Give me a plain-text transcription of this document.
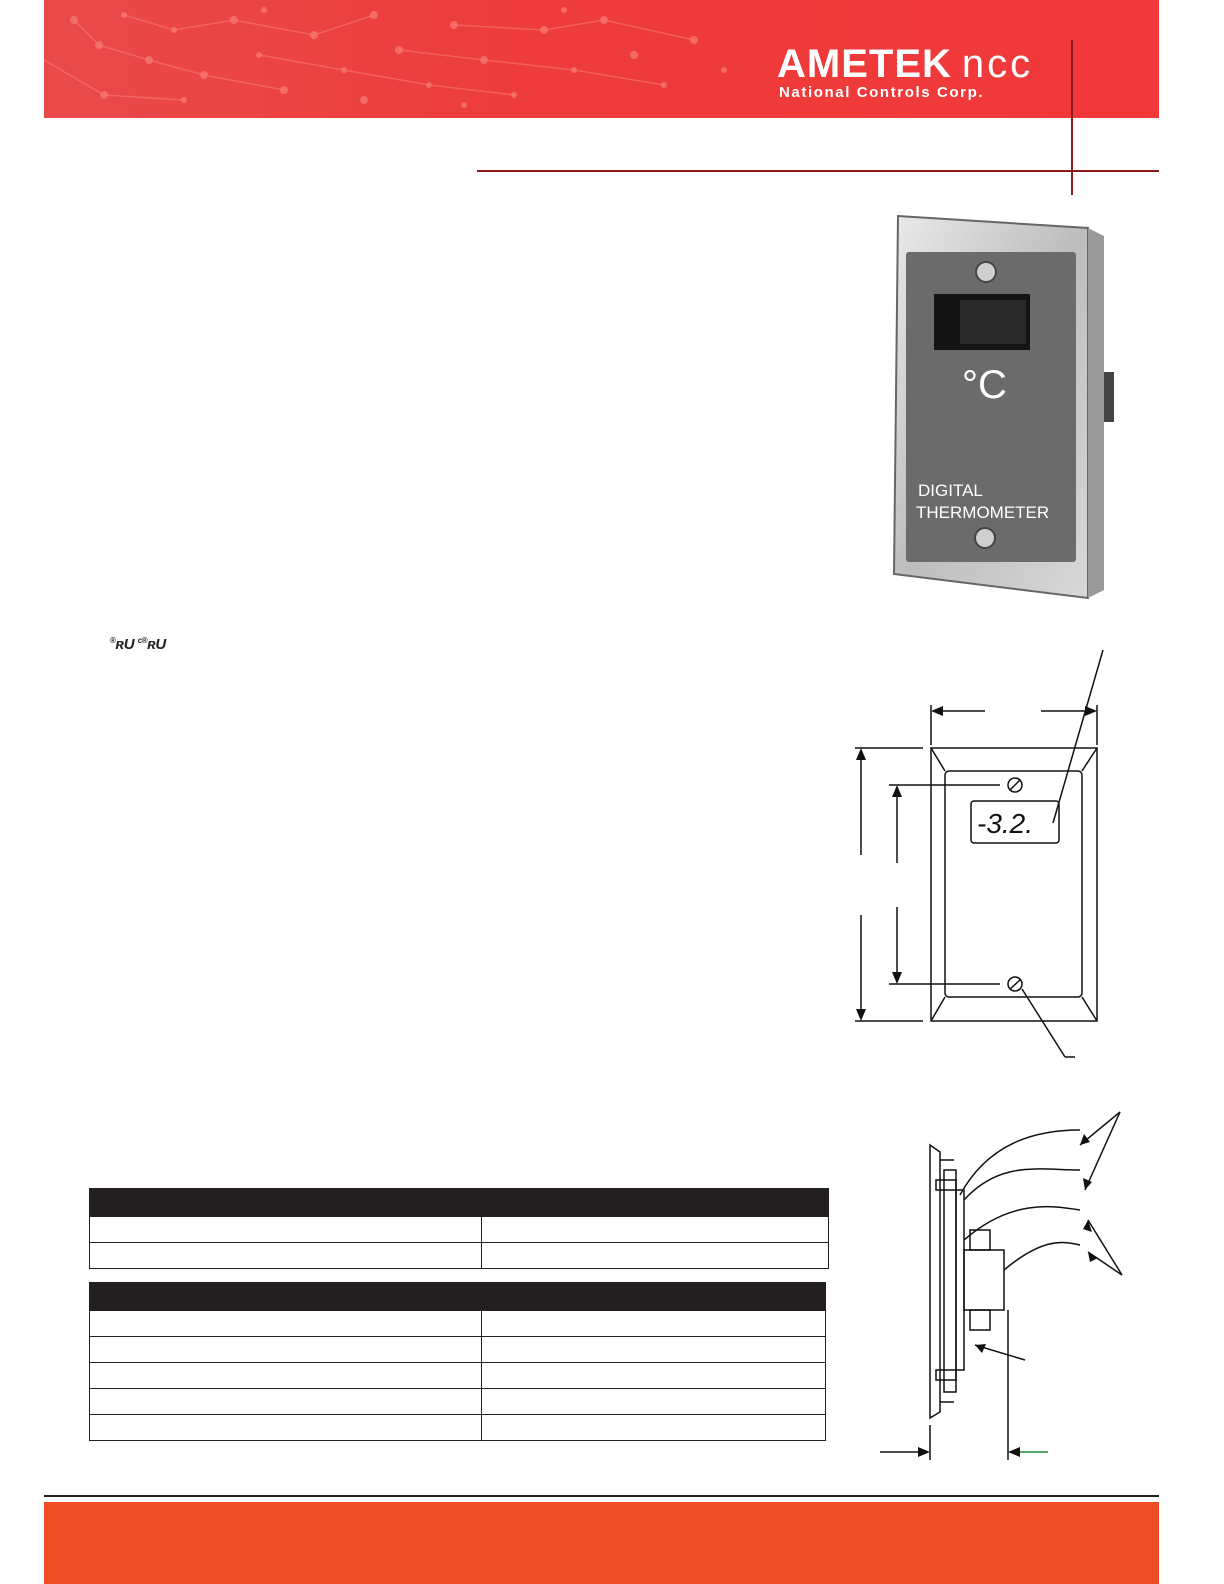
AMETEK ncc
National Controls Corp.
°C
DIGITAL
THERMOMETER
®ʀU $^{c®}$ʀU
-3.2.
